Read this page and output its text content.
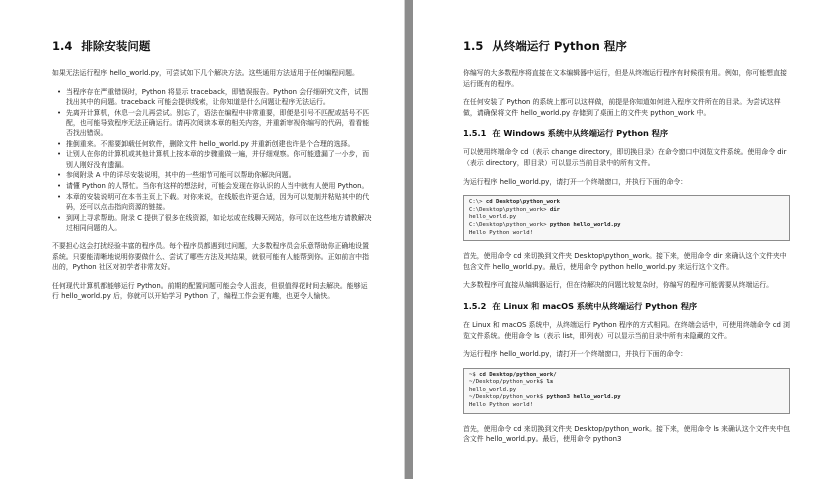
1.4 排除安装问题

如果无法运行程序 hello_world.py，可尝试如下几个解决方法。这些通用方法适用于任何编程问题。

• 当程序存在严重错误时，Python 将显示 traceback，即错误报告。Python 会仔细研究文件，试图找出其中的问题。traceback 可能会提供线索，让你知道是什么问题让程序无法运行。
• 先离开计算机，休息一会儿再尝试。别忘了，语法在编程中非常重要，即便是引号不匹配或括号不匹配，也可能导致程序无法正确运行。请再次阅读本章的相关内容，并重新审视你编写的代码，看看能否找出错误。
• 推倒重来。不需要卸载任何软件，删除文件 hello_world.py 并重新创建也许是个合理的选择。
• 让别人在你的计算机或其他计算机上按本章的步骤重做一遍，并仔细观察。你可能遗漏了一小步，而别人刚好没有遗漏。
• 参阅附录 A 中的详尽安装说明，其中的一些细节可能可以帮助你解决问题。
• 请懂 Python 的人帮忙。当你有这样的想法时，可能会发现在你认识的人当中就有人使用 Python。
• 本章的安装说明可在本书主页上下载。对你来说，在线版也许更合适，因为可以复制并粘贴其中的代码，还可以点击指向资源的链接。
• 到网上寻求帮助。附录 C 提供了很多在线资源，如论坛或在线聊天网站，你可以在这些地方请教解决过相同问题的人。

不要担心这会打扰经验丰富的程序员。每个程序员都遇到过问题，大多数程序员会乐意帮助你正确地设置系统。只要能清晰地说明你要做什么、尝试了哪些方法及其结果，就很可能有人能帮到你。正如前言中指出的，Python 社区对初学者非常友好。

任何现代计算机都能够运行 Python。前期的配置问题可能会令人沮丧，但很值得花时间去解决。能够运行 hello_world.py 后，你就可以开始学习 Python 了，编程工作会更有趣，也更令人愉快。

1.5 从终端运行 Python 程序

你编写的大多数程序将直接在文本编辑器中运行，但是从终端运行程序有时候很有用。例如，你可能想直接运行既有的程序。

在任何安装了 Python 的系统上都可以这样做，前提是你知道如何进入程序文件所在的目录。为尝试这样做，请确保将文件 hello_world.py 存储到了桌面上的文件夹 python_work 中。

1.5.1 在 Windows 系统中从终端运行 Python 程序

可以使用终端命令 cd（表示 change directory，即切换目录）在命令窗口中浏览文件系统。使用命令 dir（表示 directory，即目录）可以显示当前目录中的所有文件。

为运行程序 hello_world.py，请打开一个终端窗口，并执行下面的命令：

C:\> cd Desktop\python_work
C:\Desktop\python_work> dir
hello_world.py
C:\Desktop\python_work> python hello_world.py
Hello Python world!

首先，使用命令 cd 来切换到文件夹 Desktop\python_work。接下来，使用命令 dir 来确认这个文件夹中包含文件 hello_world.py。最后，使用命令 python hello_world.py 来运行这个文件。

大多数程序可直接从编辑器运行，但在待解决的问题比较复杂时，你编写的程序可能需要从终端运行。

1.5.2 在 Linux 和 macOS 系统中从终端运行 Python 程序

在 Linux 和 macOS 系统中，从终端运行 Python 程序的方式相同。在终端会话中，可使用终端命令 cd 浏览文件系统。使用命令 ls（表示 list，即列表）可以显示当前目录中所有未隐藏的文件。

为运行程序 hello_world.py，请打开一个终端窗口，并执行下面的命令：

~$ cd Desktop/python_work/
~/Desktop/python_work$ ls
hello_world.py
~/Desktop/python_work$ python3 hello_world.py
Hello Python world!

首先，使用命令 cd 来切换到文件夹 Desktop/python_work。接下来，使用命令 ls 来确认这个文件夹中包含文件 hello_world.py。最后，使用命令 python3
